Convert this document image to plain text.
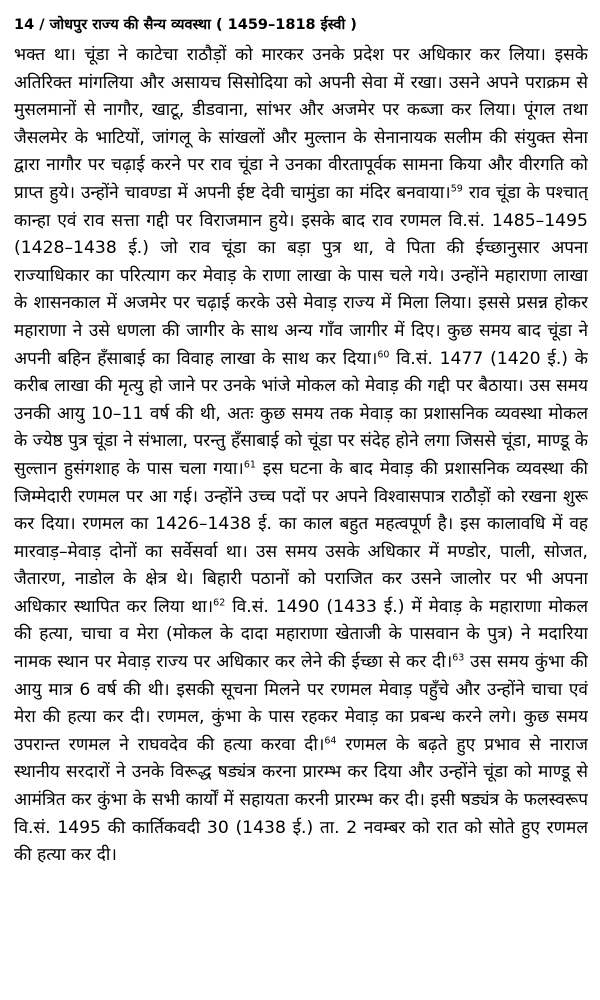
14 / जोधपुर राज्य की सैन्य व्यवस्था ( 1459–1818 ईस्वी )
भक्त था। चूंडा ने काटेचा राठौड़ों को मारकर उनके प्रदेश पर अधिकार कर लिया। इसके अतिरिक्त मांगलिया और असायच सिसोदिया को अपनी सेवा में रखा। उसने अपने पराक्रम से मुसलमानों से नागौर, खाटू, डीडवाना, सांभर और अजमेर पर कब्जा कर लिया। पूंगल तथा जैसलमेर के भाटियों, जांगलू के सांखलों और मुल्तान के सेनानायक सलीम की संयुक्त सेना द्वारा नागौर पर चढ़ाई करने पर राव चूंडा ने उनका वीरतापूर्वक सामना किया और वीरगति को प्राप्त हुये। उन्होंने चावण्डा में अपनी ईष्ट देवी चामुंडा का मंदिर बनवाया।$^{59}$ राव चूंडा के पश्चात् कान्हा एवं राव सत्ता गद्दी पर विराजमान हुये। इसके बाद राव रणमल वि.सं. 1485–1495 (1428–1438 ई.) जो राव चूंडा का बड़ा पुत्र था, वे पिता की ईच्छानुसार अपना राज्याधिकार का परित्याग कर मेवाड़ के राणा लाखा के पास चले गये। उन्होंने महाराणा लाखा के शासनकाल में अजमेर पर चढ़ाई करके उसे मेवाड़ राज्य में मिला लिया। इससे प्रसन्न होकर महाराणा ने उसे धणला की जागीर के साथ अन्य गाँव जागीर में दिए। कुछ समय बाद चूंडा ने अपनी बहिन हँसाबाई का विवाह लाखा के साथ कर दिया।$^{60}$ वि.सं. 1477 (1420 ई.) के करीब लाखा की मृत्यु हो जाने पर उनके भांजे मोकल को मेवाड़ की गद्दी पर बैठाया। उस समय उनकी आयु 10–11 वर्ष की थी, अतः कुछ समय तक मेवाड़ का प्रशासनिक व्यवस्था मोकल के ज्येष्ठ पुत्र चूंडा ने संभाला, परन्तु हँसाबाई को चूंडा पर संदेह होने लगा जिससे चूंडा, माण्डू के सुल्तान हुसंगशाह के पास चला गया।$^{61}$ इस घटना के बाद मेवाड़ की प्रशासनिक व्यवस्था की जिम्मेदारी रणमल पर आ गई। उन्होंने उच्च पदों पर अपने विश्वासपात्र राठौड़ों को रखना शुरू कर दिया। रणमल का 1426–1438 ई. का काल बहुत महत्वपूर्ण है। इस कालावधि में वह मारवाड़–मेवाड़ दोनों का सर्वेसर्वा था। उस समय उसके अधिकार में मण्डोर, पाली, सोजत, जैतारण, नाडोल के क्षेत्र थे। बिहारी पठानों को पराजित कर उसने जालोर पर भी अपना अधिकार स्थापित कर लिया था।$^{62}$ वि.सं. 1490 (1433 ई.) में मेवाड़ के महाराणा मोकल की हत्या, चाचा व मेरा (मोकल के दादा महाराणा खेताजी के पासवान के पुत्र) ने मदारिया नामक स्थान पर मेवाड़ राज्य पर अधिकार कर लेने की ईच्छा से कर दी।$^{63}$ उस समय कुंभा की आयु मात्र 6 वर्ष की थी। इसकी सूचना मिलने पर रणमल मेवाड़ पहुँचे और उन्होंने चाचा एवं मेरा की हत्या कर दी। रणमल, कुंभा के पास रहकर मेवाड़ का प्रबन्ध करने लगे। कुछ समय उपरान्त रणमल ने राघवदेव की हत्या करवा दी।$^{64}$ रणमल के बढ़ते हुए प्रभाव से नाराज स्थानीय सरदारों ने उनके विरूद्ध षड्यंत्र करना प्रारम्भ कर दिया और उन्होंने चूंडा को माण्डू से आमंत्रित कर कुंभा के सभी कार्यों में सहायता करनी प्रारम्भ कर दी। इसी षड्यंत्र के फलस्वरूप वि.सं. 1495 की कार्तिकवदी 30 (1438 ई.) ता. 2 नवम्बर को रात को सोते हुए रणमल की हत्या कर दी।
